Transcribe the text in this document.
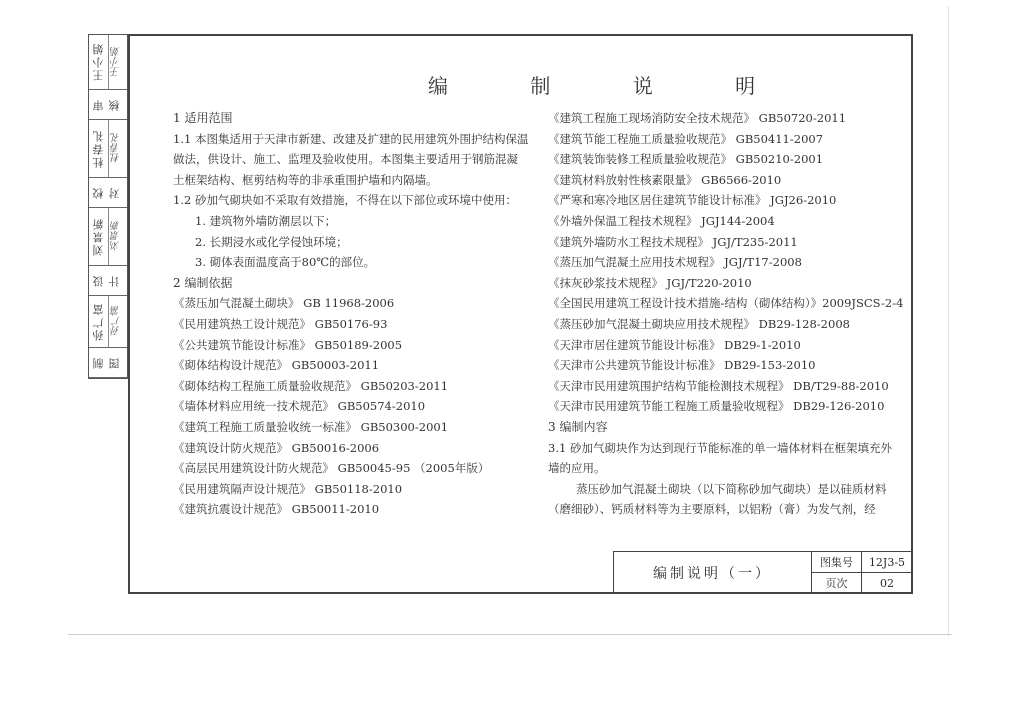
王小娟 王小娟
审核
杜春礼 杜春礼
校对
刘景新 刘景新
设计
孙广富 孙广富
制图
编 制 说 明
1 适用范围
1.1 本图集适用于天津市新建、改建及扩建的民用建筑外围护结构保温
做法，供设计、施工、监理及验收使用。本图集主要适用于钢筋混凝
土框架结构、框剪结构等的非承重围护墙和内隔墙。
1.2 砂加气砌块如不采取有效措施，不得在以下部位或环境中使用：
1. 建筑物外墙防潮层以下；
2. 长期浸水或化学侵蚀环境；
3. 砌体表面温度高于80℃的部位。
2 编制依据
《蒸压加气混凝土砌块》 GB 11968-2006
《民用建筑热工设计规范》 GB50176-93
《公共建筑节能设计标准》 GB50189-2005
《砌体结构设计规范》 GB50003-2011
《砌体结构工程施工质量验收规范》 GB50203-2011
《墙体材料应用统一技术规范》 GB50574-2010
《建筑工程施工质量验收统一标准》 GB50300-2001
《建筑设计防火规范》 GB50016-2006
《高层民用建筑设计防火规范》 GB50045-95 （2005年版）
《民用建筑隔声设计规范》 GB50118-2010
《建筑抗震设计规范》 GB50011-2010
《建筑工程施工现场消防安全技术规范》 GB50720-2011
《建筑节能工程施工质量验收规范》 GB50411-2007
《建筑装饰装修工程质量验收规范》 GB50210-2001
《建筑材料放射性核素限量》 GB6566-2010
《严寒和寒冷地区居住建筑节能设计标准》 JGJ26-2010
《外墙外保温工程技术规程》 JGJ144-2004
《建筑外墙防水工程技术规程》 JGJ/T235-2011
《蒸压加气混凝土应用技术规程》 JGJ/T17-2008
《抹灰砂浆技术规程》 JGJ/T220-2010
《全国民用建筑工程设计技术措施-结构（砌体结构）》2009JSCS-2-4
《蒸压砂加气混凝土砌块应用技术规程》 DB29-128-2008
《天津市居住建筑节能设计标准》 DB29-1-2010
《天津市公共建筑节能设计标准》 DB29-153-2010
《天津市民用建筑围护结构节能检测技术规程》 DB/T29-88-2010
《天津市民用建筑节能工程施工质量验收规程》 DB29-126-2010
3 编制内容
3.1 砂加气砌块作为达到现行节能标准的单一墙体材料在框架填充外
墙的应用。
蒸压砂加气混凝土砌块（以下简称砂加气砌块）是以硅质材料
（磨细砂）、钙质材料等为主要原料，以铝粉（膏）为发气剂，经
编制说明（一）
图集号	12J3-5
页次	02
